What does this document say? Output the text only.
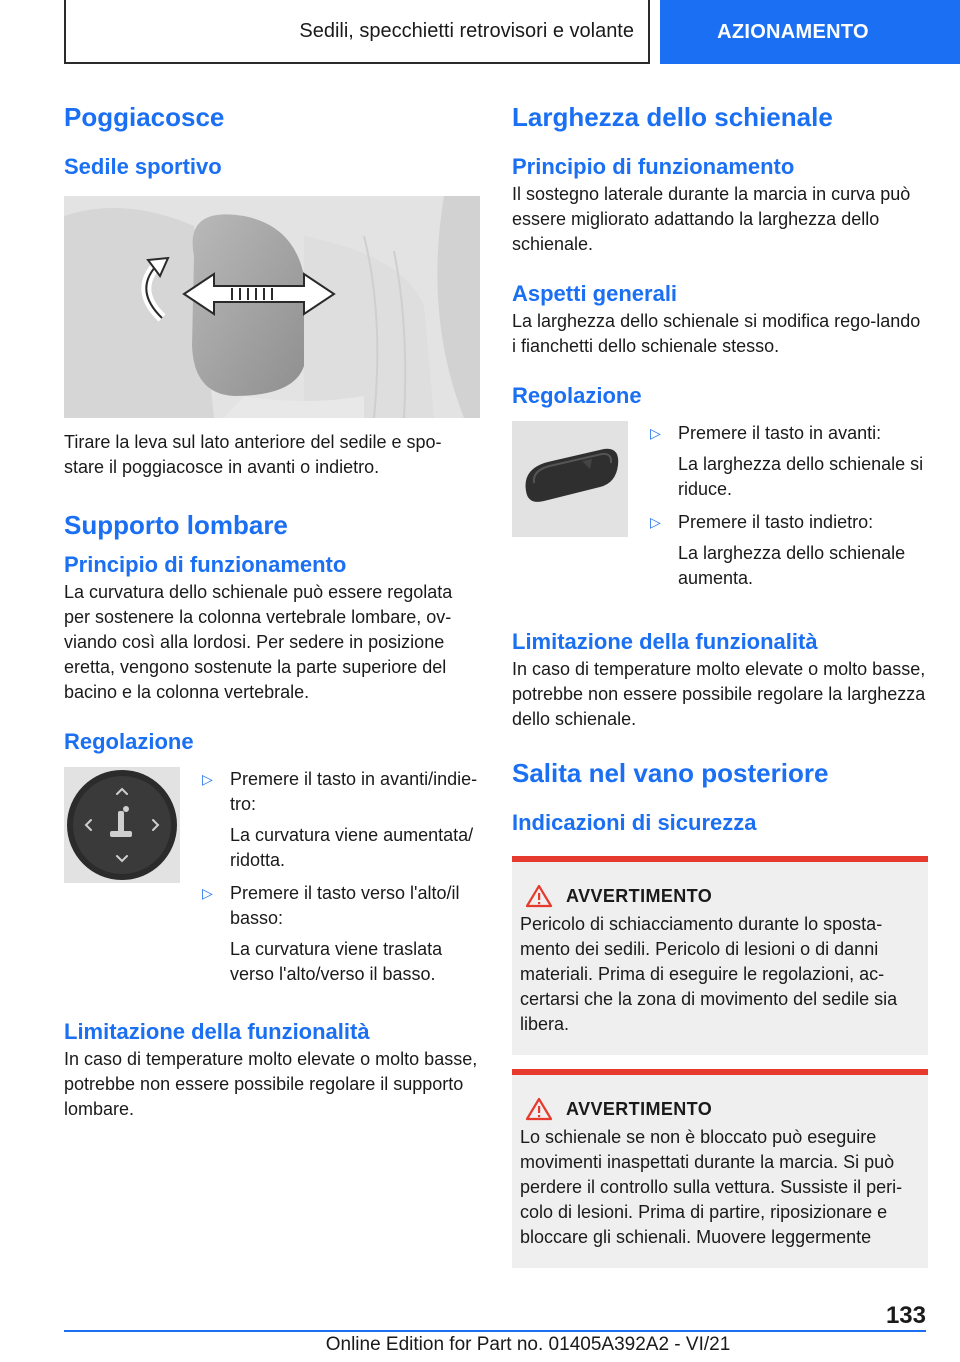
Sedili, specchietti retrovisori e volante	AZIONAMENTO
Poggiacosce
Sedile sportivo
Tirare la leva sul lato anteriore del sedile e spo-stare il poggiacosce in avanti o indietro.
Supporto lombare
Principio di funzionamento
La curvatura dello schienale può essere regolata per sostenere la colonna vertebrale lombare, ov-viando così alla lordosi. Per sedere in posizione eretta, vengono sostenute la parte superiore del bacino e la colonna vertebrale.
Regolazione
▷ Premere il tasto in avanti/indie-tro:
La curvatura viene aumentata/ ridotta.
▷ Premere il tasto verso l'alto/il basso:
La curvatura viene traslata verso l'alto/verso il basso.
Limitazione della funzionalità
In caso di temperature molto elevate o molto basse, potrebbe non essere possibile regolare il supporto lombare.
Larghezza dello schienale
Principio di funzionamento
Il sostegno laterale durante la marcia in curva può essere migliorato adattando la larghezza dello schienale.
Aspetti generali
La larghezza dello schienale si modifica rego-lando i fianchetti dello schienale stesso.
Regolazione
▷ Premere il tasto in avanti:
La larghezza dello schienale si riduce.
▷ Premere il tasto indietro:
La larghezza dello schienale aumenta.
Limitazione della funzionalità
In caso di temperature molto elevate o molto basse, potrebbe non essere possibile regolare la larghezza dello schienale.
Salita nel vano posteriore
Indicazioni di sicurezza
AVVERTIMENTO
Pericolo di schiacciamento durante lo sposta-mento dei sedili. Pericolo di lesioni o di danni materiali. Prima di eseguire le regolazioni, ac-certarsi che la zona di movimento del sedile sia libera.
AVVERTIMENTO
Lo schienale se non è bloccato può eseguire movimenti inaspettati durante la marcia. Si può perdere il controllo sulla vettura. Sussiste il peri-colo di lesioni. Prima di partire, riposizionare e bloccare gli schienali. Muovere leggermente
133
Online Edition for Part no. 01405A392A2 - VI/21
